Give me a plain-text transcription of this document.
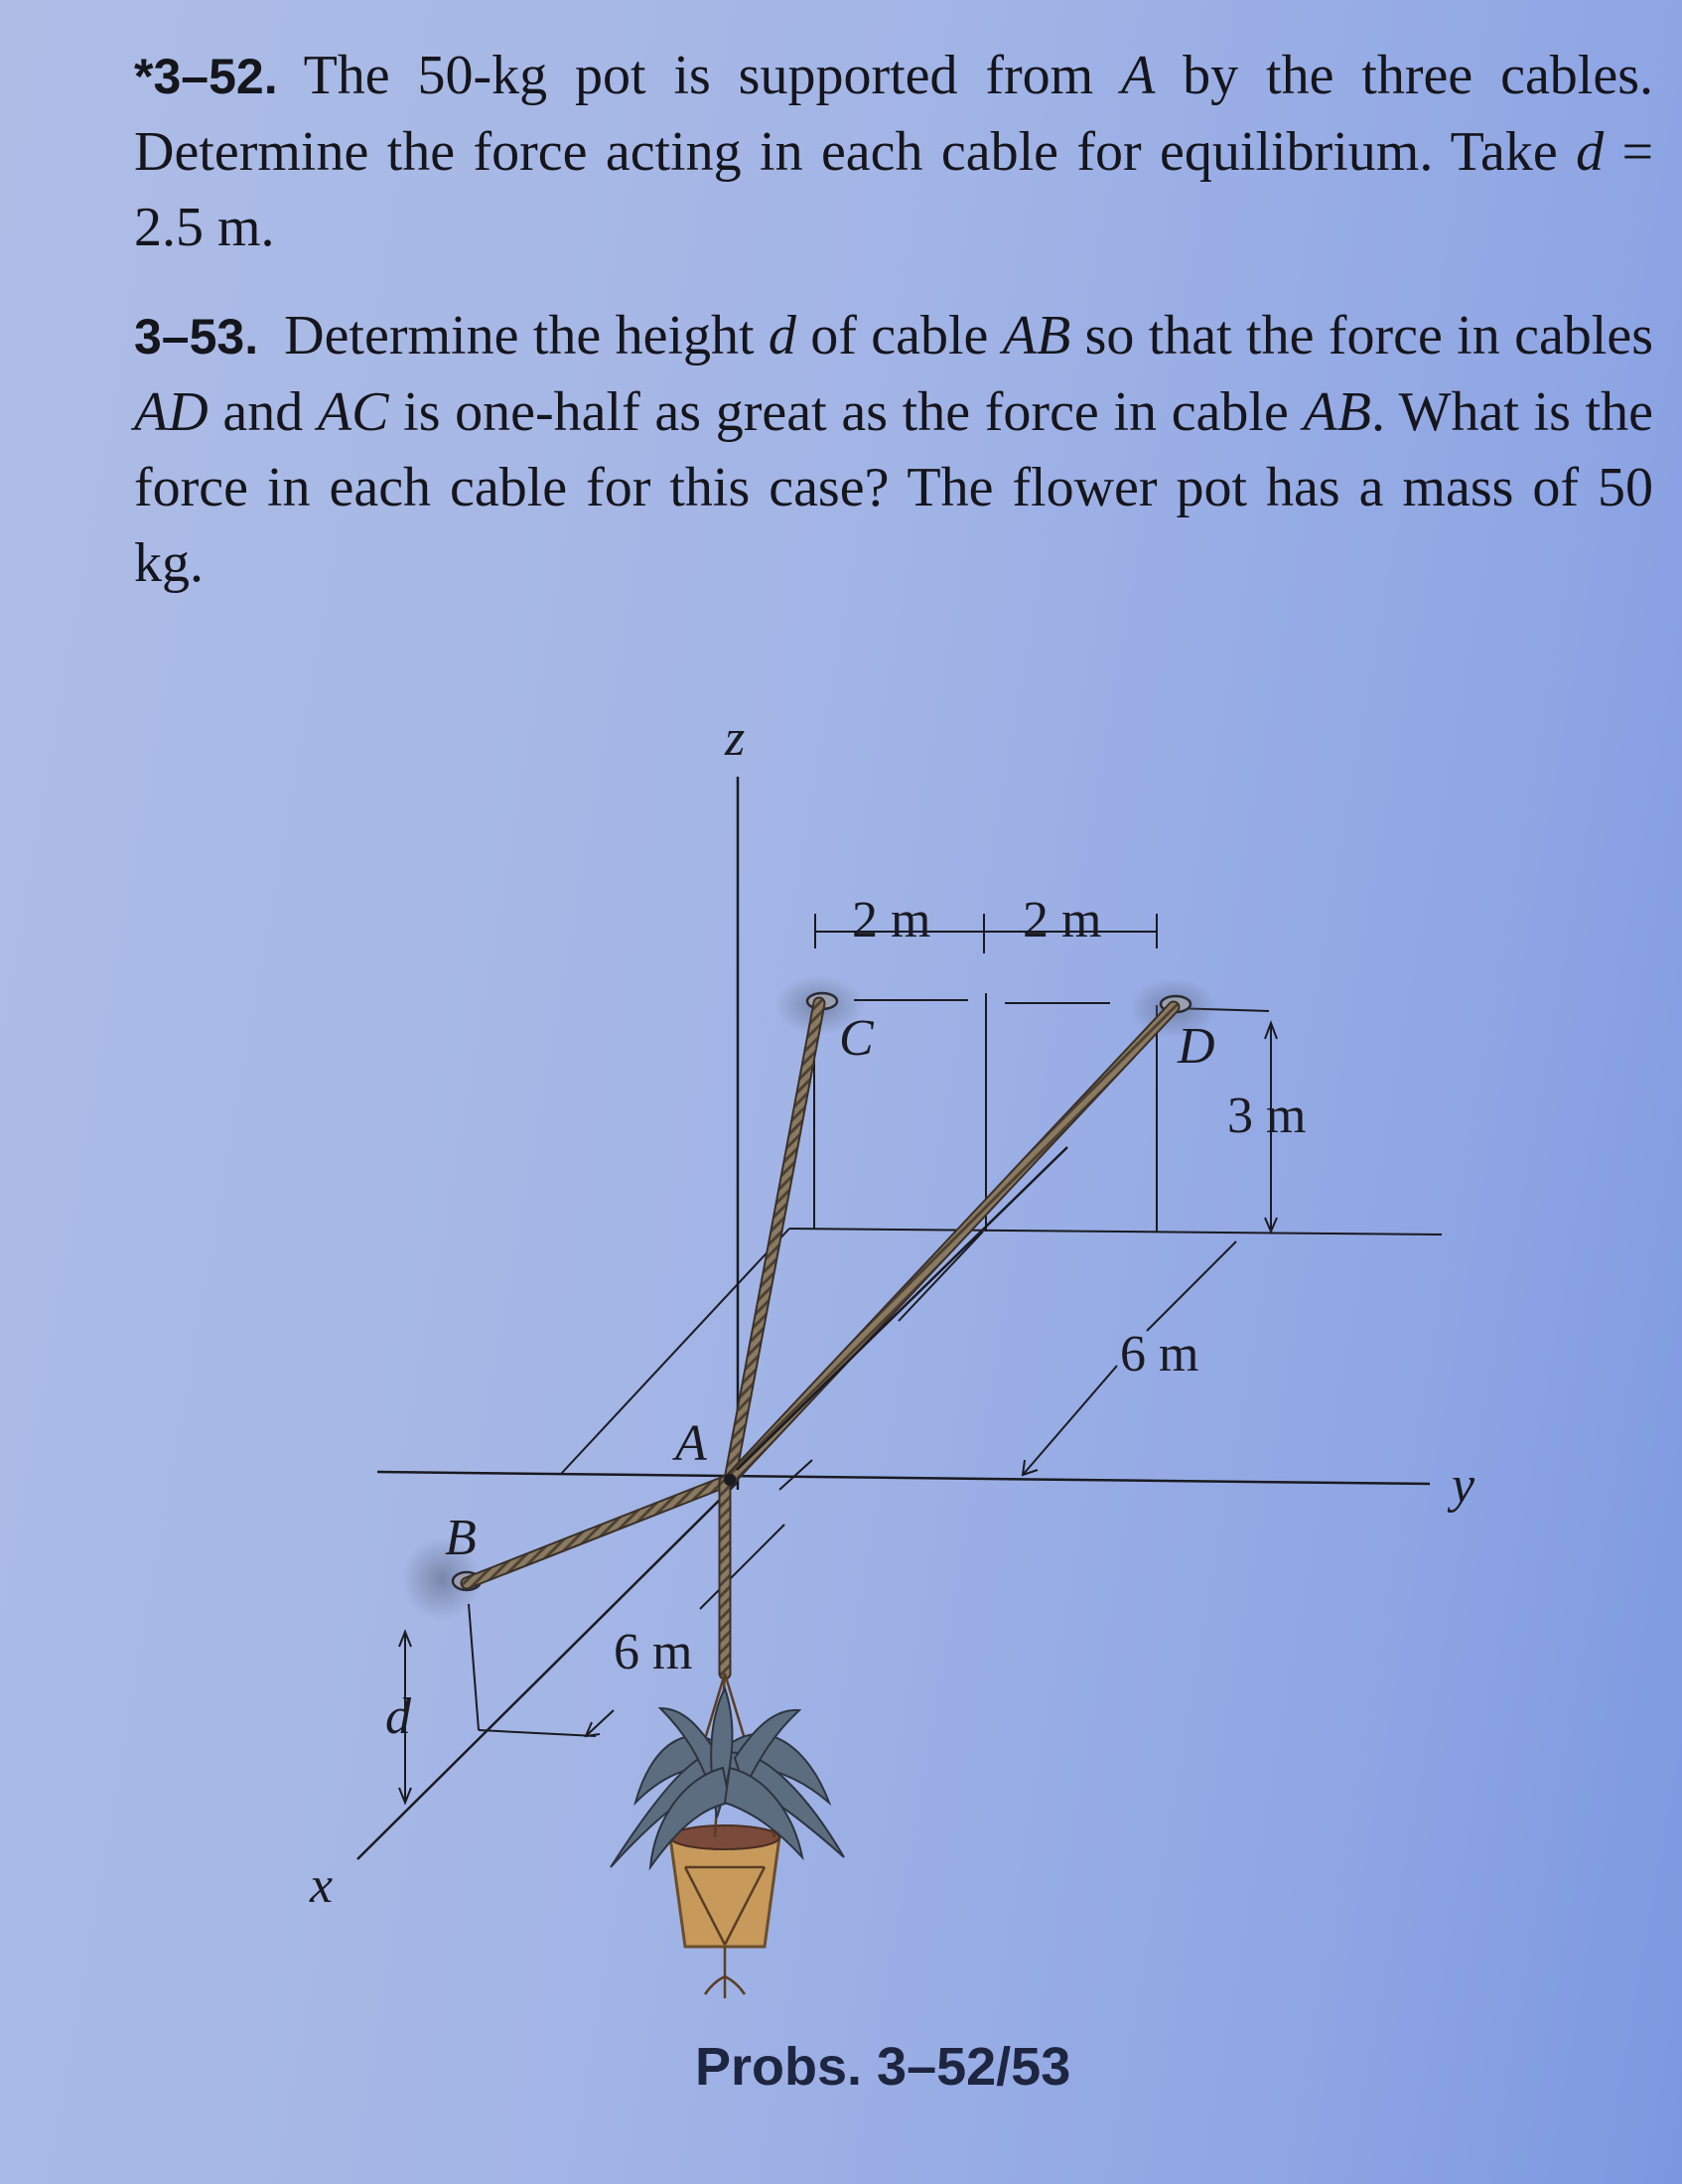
*3–52. The 50-kg pot is supported from A by the three cables. Determine the force acting in each cable for equilibrium. Take d = 2.5 m.

3–53. Determine the height d of cable AB so that the force in cables AD and AC is one-half as great as the force in cable AB. What is the force in each cable for this case? The flower pot has a mass of 50 kg.

z
y
x
A
B
C	D
2 m 2 m
3 m
6 m
6 m
d
Probs. 3–52/53
